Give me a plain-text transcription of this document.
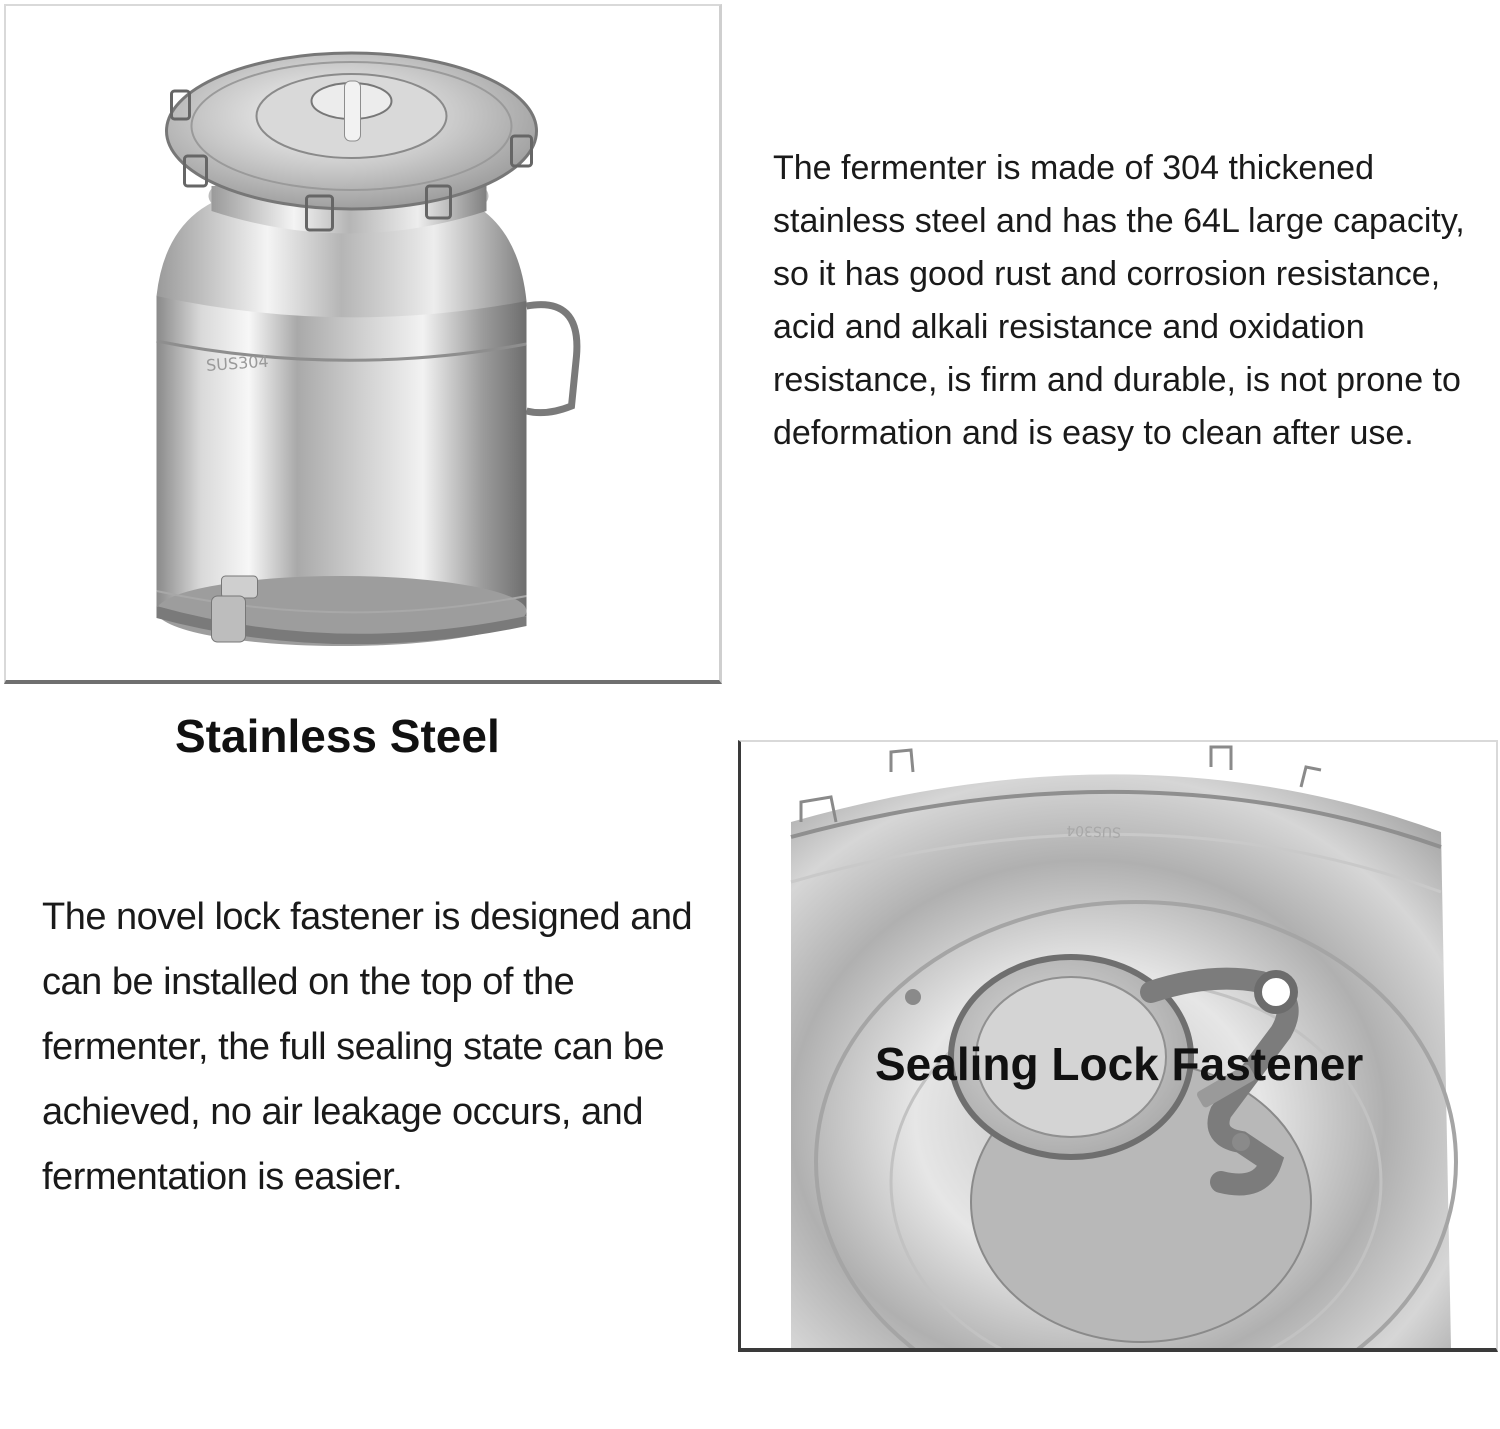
SUS304
Stainless Steel
The fermenter is made of 304 thickened stainless steel and has the 64L large capacity, so it has good rust and corrosion resistance, acid and alkali resistance and oxidation resistance, is firm and durable, is not prone to deformation and is easy to clean after use.
The novel lock fastener is designed and can be installed on the top of the fermenter, the full sealing state can be achieved, no air leakage occurs, and fermentation is easier.
SUS304
Sealing Lock Fastener
